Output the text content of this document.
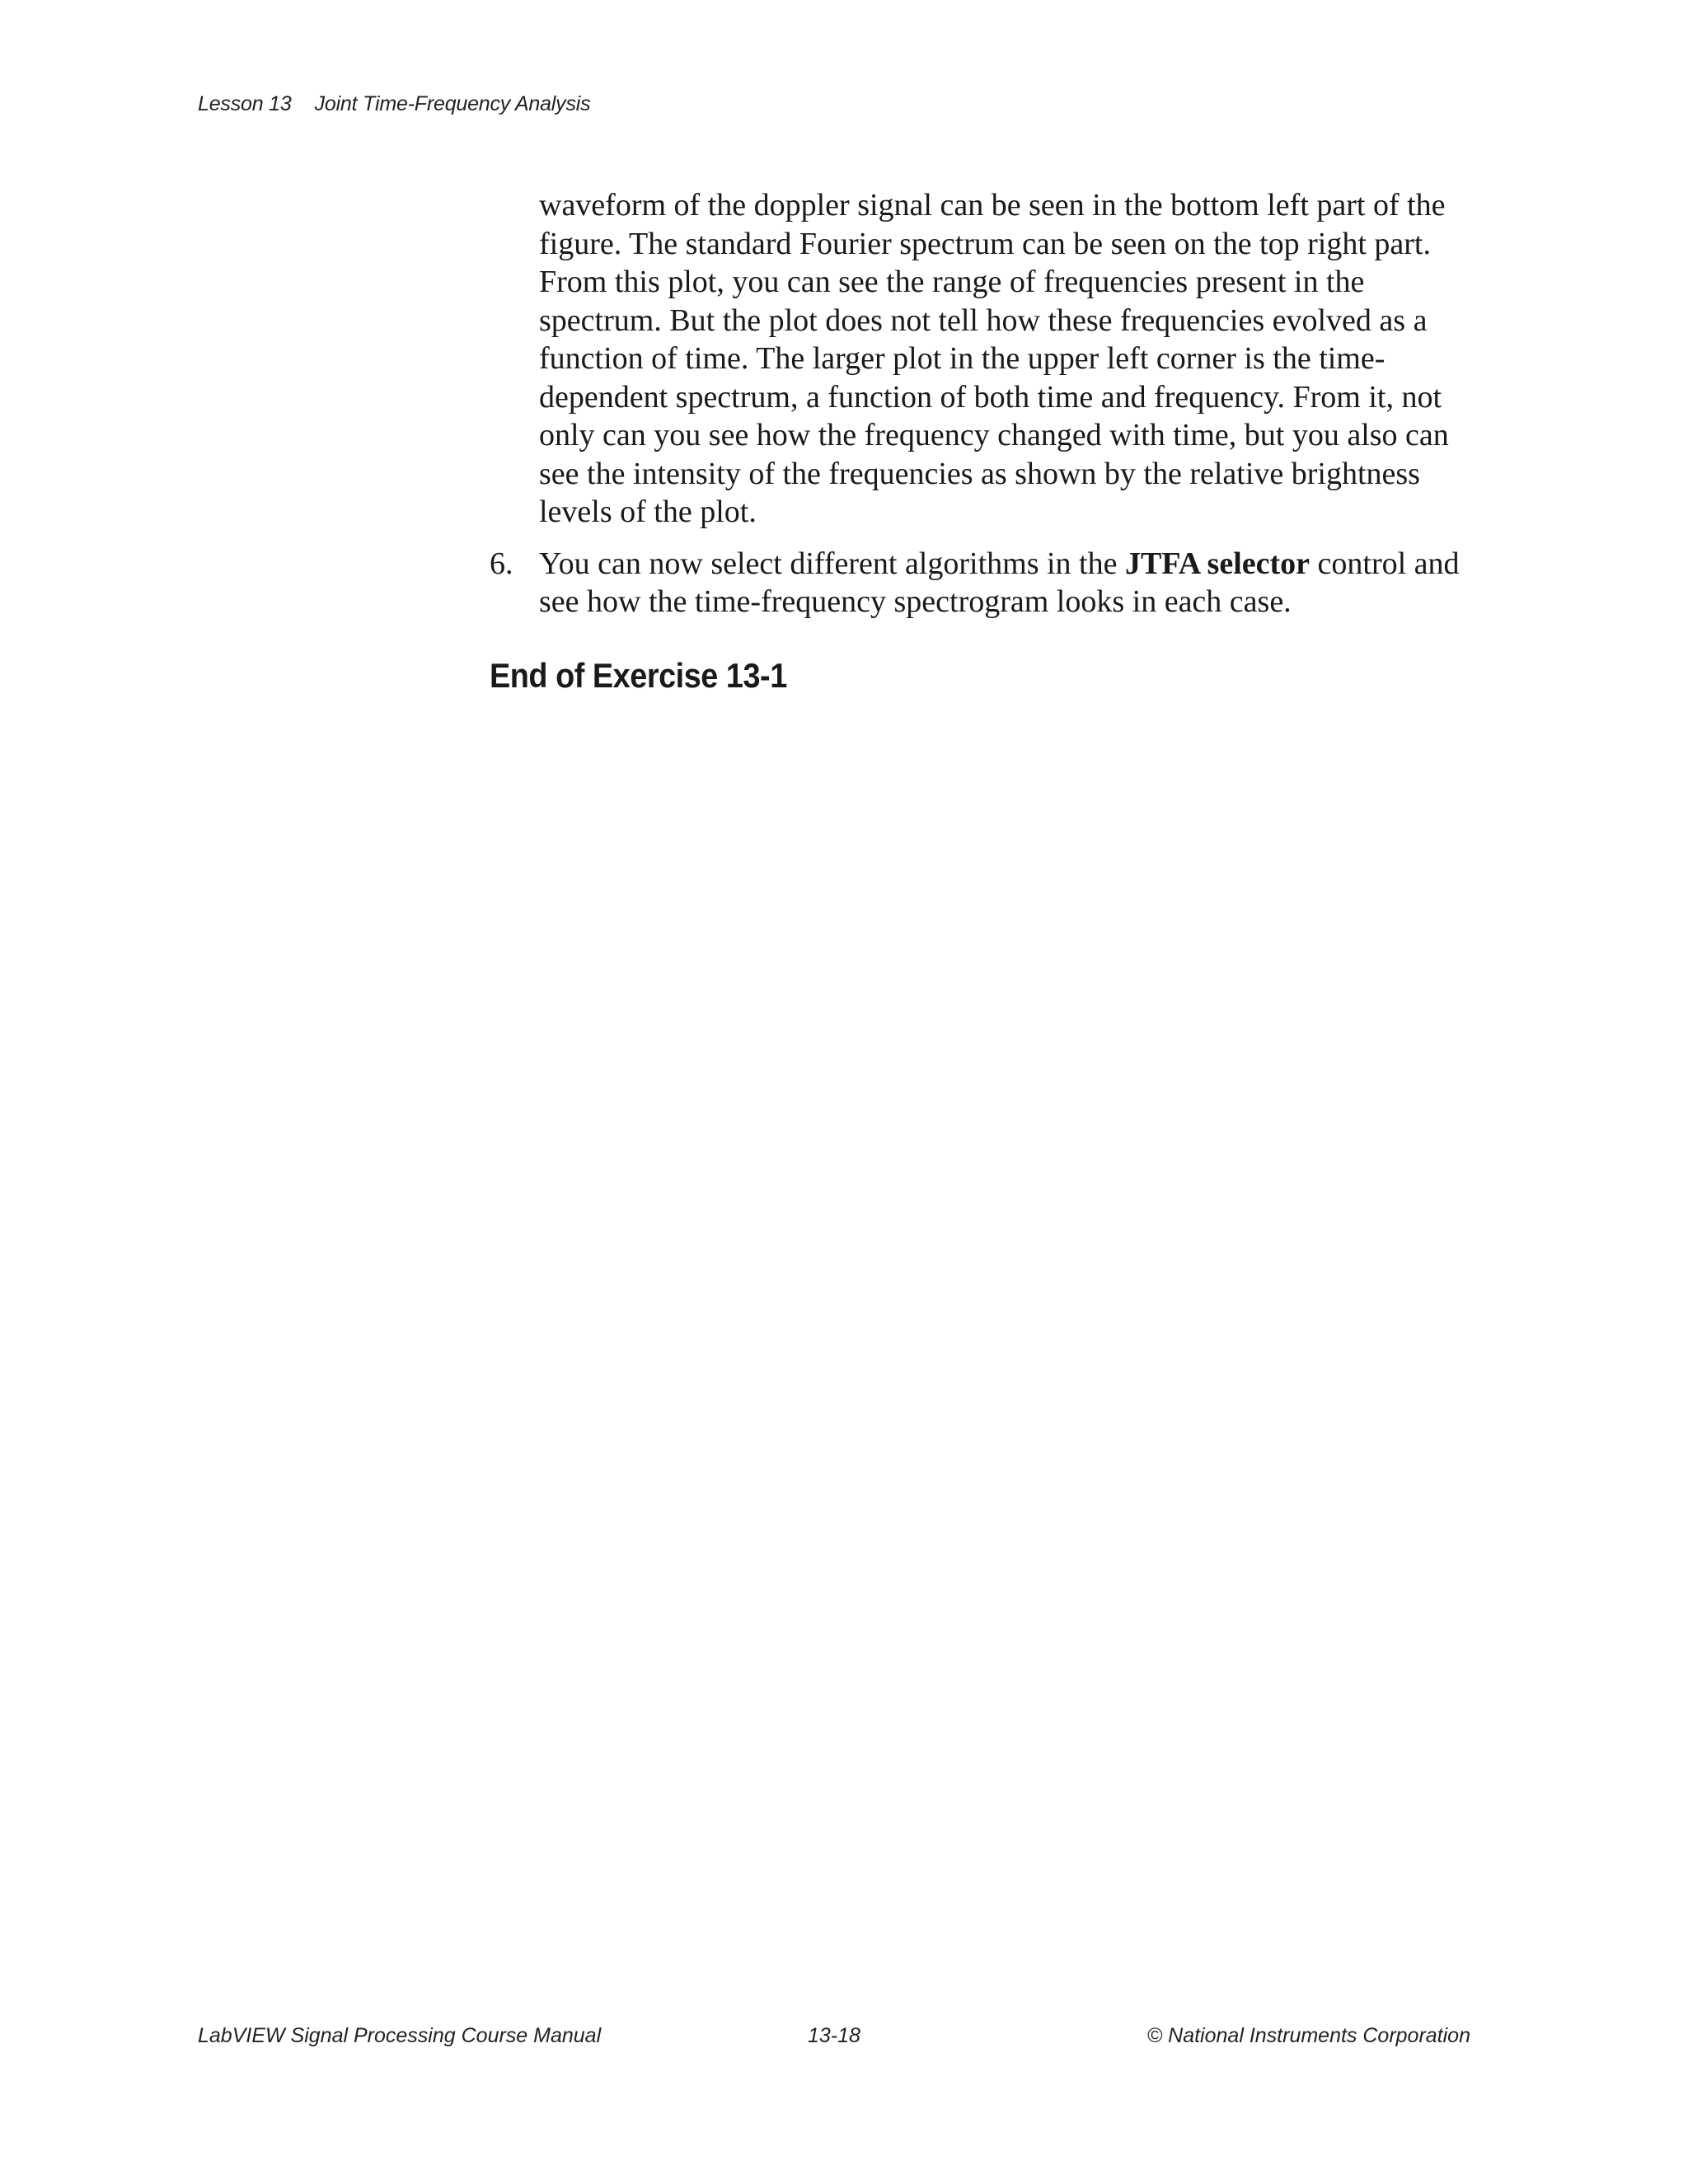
Lesson 13 Joint Time-Frequency Analysis

waveform of the doppler signal can be seen in the bottom left part of the figure. The standard Fourier spectrum can be seen on the top right part. From this plot, you can see the range of frequencies present in the spectrum. But the plot does not tell how these frequencies evolved as a function of time. The larger plot in the upper left corner is the time-dependent spectrum, a function of both time and frequency. From it, not only can you see how the frequency changed with time, but you also can see the intensity of the frequencies as shown by the relative brightness levels of the plot.

6. You can now select different algorithms in the JTFA selector control and see how the time-frequency spectrogram looks in each case.
End of Exercise 13-1
LabVIEW Signal Processing Course Manual	13-18	© National Instruments Corporation
